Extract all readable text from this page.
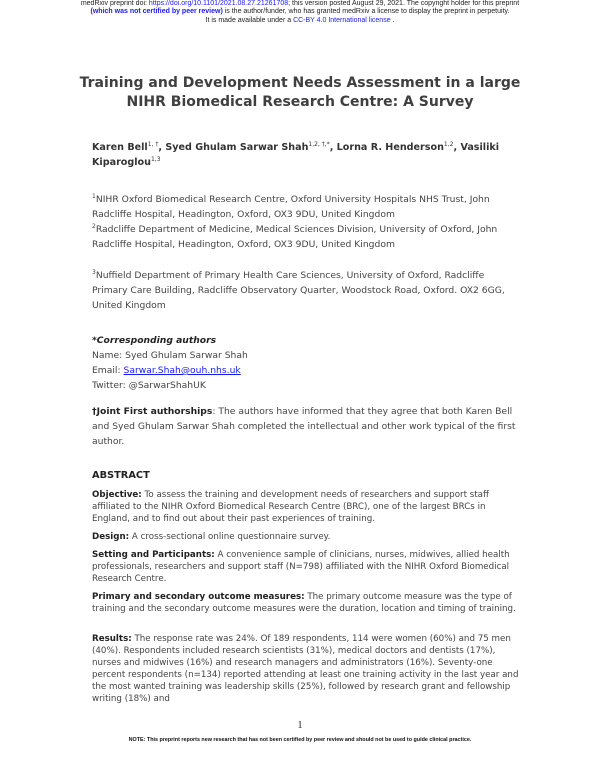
medRxiv preprint doi: https://doi.org/10.1101/2021.08.27.21261708; this version posted August 29, 2021. The copyright holder for this preprint
(which was not certified by peer review) is the author/funder, who has granted medRxiv a license to display the preprint in perpetuity.
It is made available under a CC-BY 4.0 International license .
Training and Development Needs Assessment in a large
NIHR Biomedical Research Centre: A Survey
Karen Bell$^{1, \dagger}$, Syed Ghulam Sarwar Shah$^{1,2, \dagger,*}$, Lorna R. Henderson$^{1,2}$, Vasiliki Kiparoglou$^{1,3}$
$^1$NIHR Oxford Biomedical Research Centre, Oxford University Hospitals NHS Trust, John Radcliffe Hospital, Headington, Oxford, OX3 9DU, United Kingdom
$^2$Radcliffe Department of Medicine, Medical Sciences Division, University of Oxford, John Radcliffe Hospital, Headington, Oxford, OX3 9DU, United Kingdom
$^3$Nuffield Department of Primary Health Care Sciences, University of Oxford, Radcliffe Primary Care Building, Radcliffe Observatory Quarter, Woodstock Road, Oxford. OX2 6GG, United Kingdom
*Corresponding authors
Name: Syed Ghulam Sarwar Shah
Email: Sarwar.Shah@ouh.nhs.uk
Twitter: @SarwarShahUK
†Joint First authorships: The authors have informed that they agree that both Karen Bell and Syed Ghulam Sarwar Shah completed the intellectual and other work typical of the first author.
ABSTRACT
Objective: To assess the training and development needs of researchers and support staff affiliated to the NIHR Oxford Biomedical Research Centre (BRC), one of the largest BRCs in England, and to find out about their past experiences of training.
Design: A cross-sectional online questionnaire survey.
Setting and Participants: A convenience sample of clinicians, nurses, midwives, allied health professionals, researchers and support staff (N=798) affiliated with the NIHR Oxford Biomedical Research Centre.
Primary and secondary outcome measures: The primary outcome measure was the type of training and the secondary outcome measures were the duration, location and timing of training.
Results: The response rate was 24%. Of 189 respondents, 114 were women (60%) and 75 men (40%). Respondents included research scientists (31%), medical doctors and dentists (17%), nurses and midwives (16%) and research managers and administrators (16%). Seventy-one percent respondents (n=134) reported attending at least one training activity in the last year and the most wanted training was leadership skills (25%), followed by research grant and fellowship writing (18%) and
1
NOTE: This preprint reports new research that has not been certified by peer review and should not be used to guide clinical practice.
